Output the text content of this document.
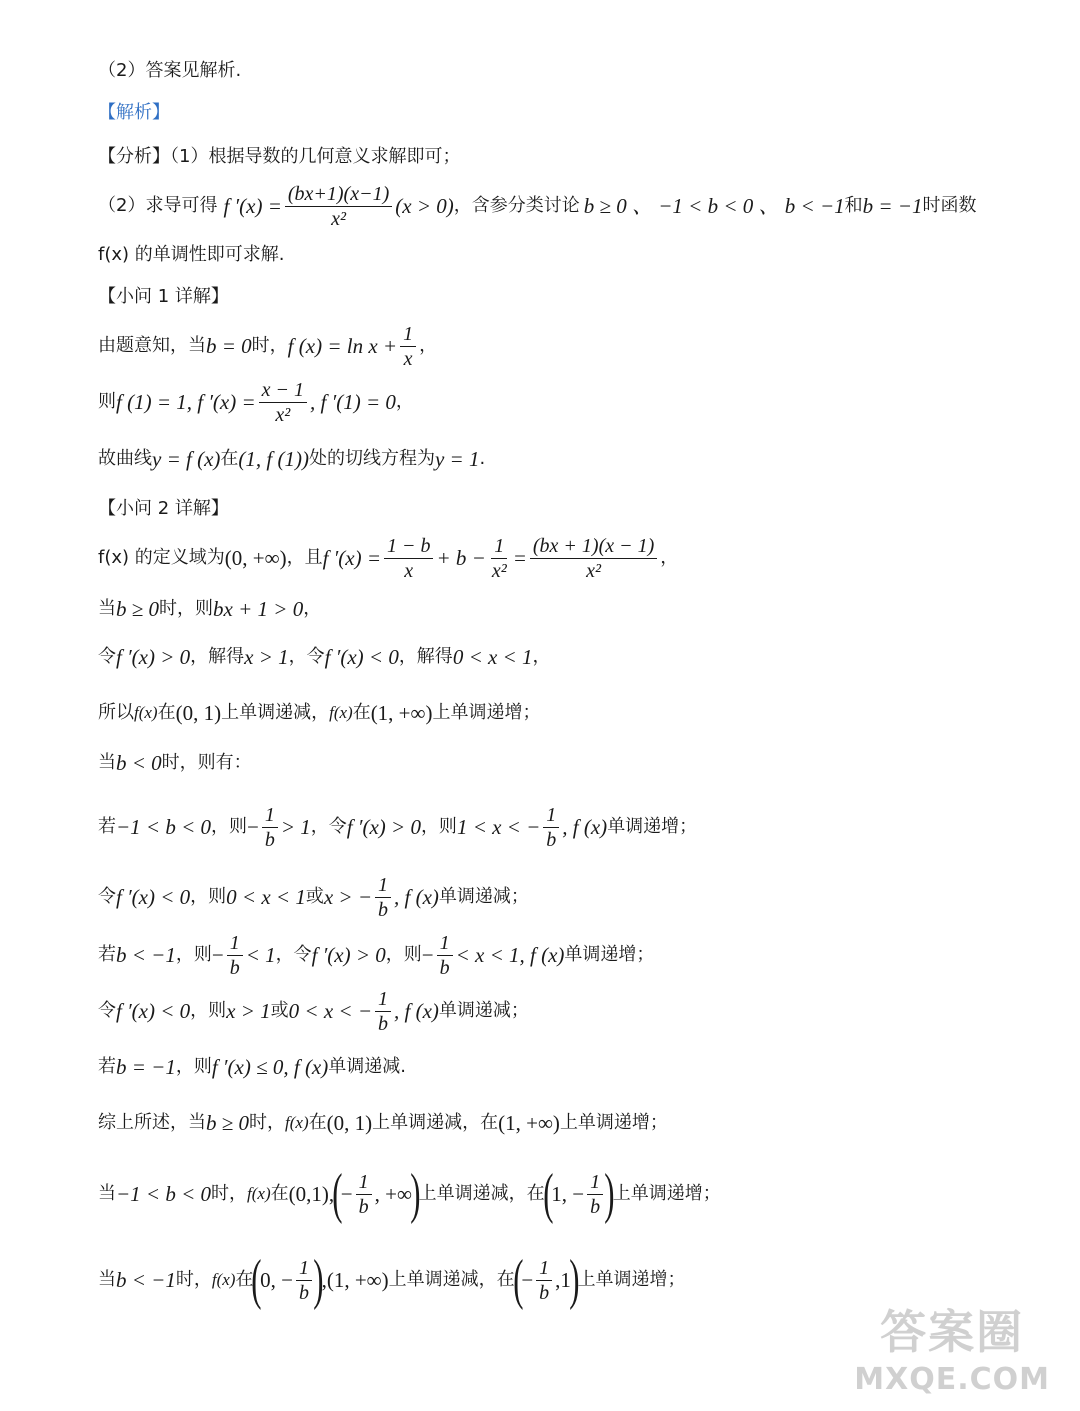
（2）答案见解析.
【解析】
【分析】（1）根据导数的几何意义求解即可；
（2）求导可得 f $'(x) = \frac{(bx+1)(x-1)}{\text{x²}} (x > 0)$ ，含参分类讨论 b ≥ 0 、 −1 < b < 0 、 b < −1 和 b = −1 时函数
f(x) 的单调性即可求解.
【小问 1 详解】
由题意知，当 b = 0 时， f $(x) = \ln x + \frac{1}{x}$ ，
则 f (1) = 1, f $'(x) = \frac{x - 1}{\text{x²}}$ , f ′(1) = 0 ，
故曲线 y = f (x) 在 (1, f (1)) 处的切线方程为 y = 1 .
【小问 2 详解】
f(x) 的定义域为 (0, +∞) ，且 f $'(x) = \frac{1 - b}{x} + b - \frac{1}{\text{x²}} = \frac{(bx + 1)(x - 1)}{\text{x²}}$ ，
当 b ≥ 0 时，则 bx + 1 > 0 ，
令 f ′(x) > 0 ，解得 x > 1 ，令 f ′(x) < 0 ，解得 0 < x < 1 ，
所以 f(x) 在 (0, 1) 上单调递减， f(x) 在 (1, +∞) 上单调递增；
当 b < 0 时，则有：
若 −1 < b < 0 ，则 − $\frac{1}{b} > 1$ ，令 f ′(x) > 0 ，则 1 < x < − $\frac{1}{b}$ , f (x) 单调递增；
令 f ′(x) < 0 ，则 0 < x < 1 或 x > − $\frac{1}{b}$ , f (x) 单调递减；
若 b < −1 ，则 − $\frac{1}{b} < 1$ ，令 f ′(x) > 0 ，则 − $\frac{1}{b} < x < 1$, f (x) 单调递增；
令 f ′(x) < 0 ，则 x > 1 或 0 < x < − $\frac{1}{b}$ , f (x) 单调递减；
若 b = −1 ，则 f ′(x) ≤ 0, f (x) 单调递减.
综上所述，当 b ≥ 0 时， f(x) 在 (0, 1) 上单调递减，在 (1, +∞) 上单调递增；
当 −1 < b < 0 时， f(x) 在 (0,1),
(
− $\frac{1}{b}$ , +∞
)
上单调递减，在
(
1, − $\frac{1}{b}$ )
上单调递增；
当 b < −1 时， f(x) 在
(
0, − $\frac{1}{b}$ )
,(1, +∞) 上单调递减，在
(
− $\frac{1}{b} ,1$
)
上单调递增；
答案圈
MXQE.COM
